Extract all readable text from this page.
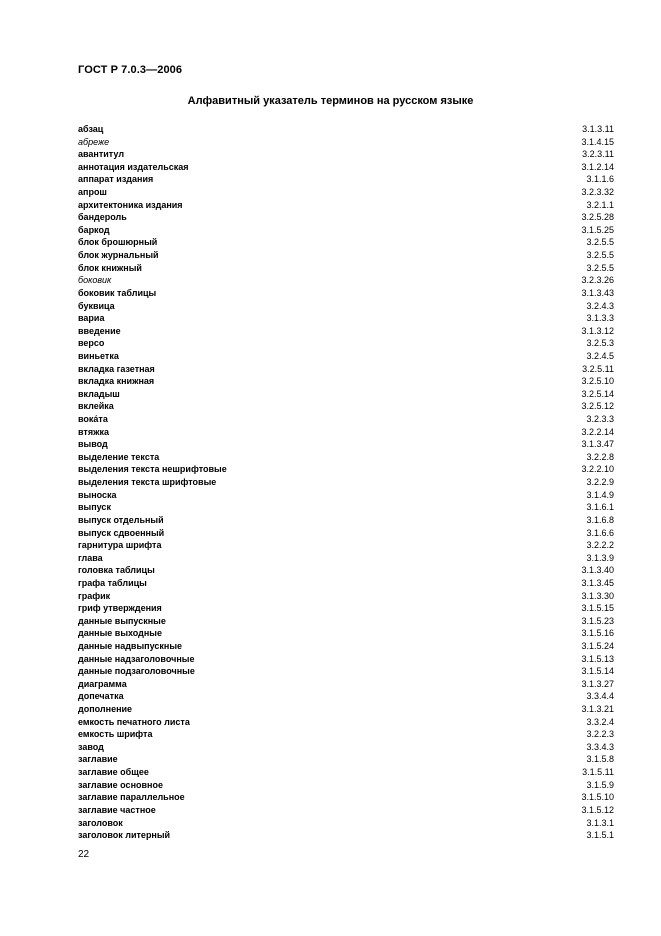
ГОСТ Р 7.0.3—2006
Алфавитный указатель терминов на русском языке
абзац	3.1.3.11
абреже	3.1.4.15
авантитул	3.2.3.11
аннотация издательская	3.1.2.14
аппарат издания	3.1.1.6
апрош	3.2.3.32
архитектоника издания	3.2.1.1
бандероль	3.2.5.28
баркод	3.1.5.25
блок брошюрный	3.2.5.5
блок журнальный	3.2.5.5
блок книжный	3.2.5.5
боковик	3.2.3.26
боковик таблицы	3.1.3.43
буквица	3.2.4.3
вариа	3.1.3.3
введение	3.1.3.12
версо	3.2.5.3
виньетка	3.2.4.5
вкладка газетная	3.2.5.11
вкладка книжная	3.2.5.10
вкладыш	3.2.5.14
вклейка	3.2.5.12
вока́та	3.2.3.3
втяжка	3.2.2.14
вывод	3.1.3.47
выделение текста	3.2.2.8
выделения текста нешрифтовые	3.2.2.10
выделения текста шрифтовые	3.2.2.9
выноска	3.1.4.9
выпуск	3.1.6.1
выпуск отдельный	3.1.6.8
выпуск сдвоенный	3.1.6.6
гарнитура шрифта	3.2.2.2
глава	3.1.3.9
головка таблицы	3.1.3.40
графа таблицы	3.1.3.45
график	3.1.3.30
гриф утверждения	3.1.5.15
данные выпускные	3.1.5.23
данные выходные	3.1.5.16
данные надвыпускные	3.1.5.24
данные надзаголовочные	3.1.5.13
данные подзаголовочные	3.1.5.14
диаграмма	3.1.3.27
допечатка	3.3.4.4
дополнение	3.1.3.21
емкость печатного листа	3.3.2.4
емкость шрифта	3.2.2.3
завод	3.3.4.3
заглавие	3.1.5.8
заглавие общее	3.1.5.11
заглавие основное	3.1.5.9
заглавие параллельное	3.1.5.10
заглавие частное	3.1.5.12
заголовок	3.1.3.1
заголовок литерный	3.1.5.1
22
